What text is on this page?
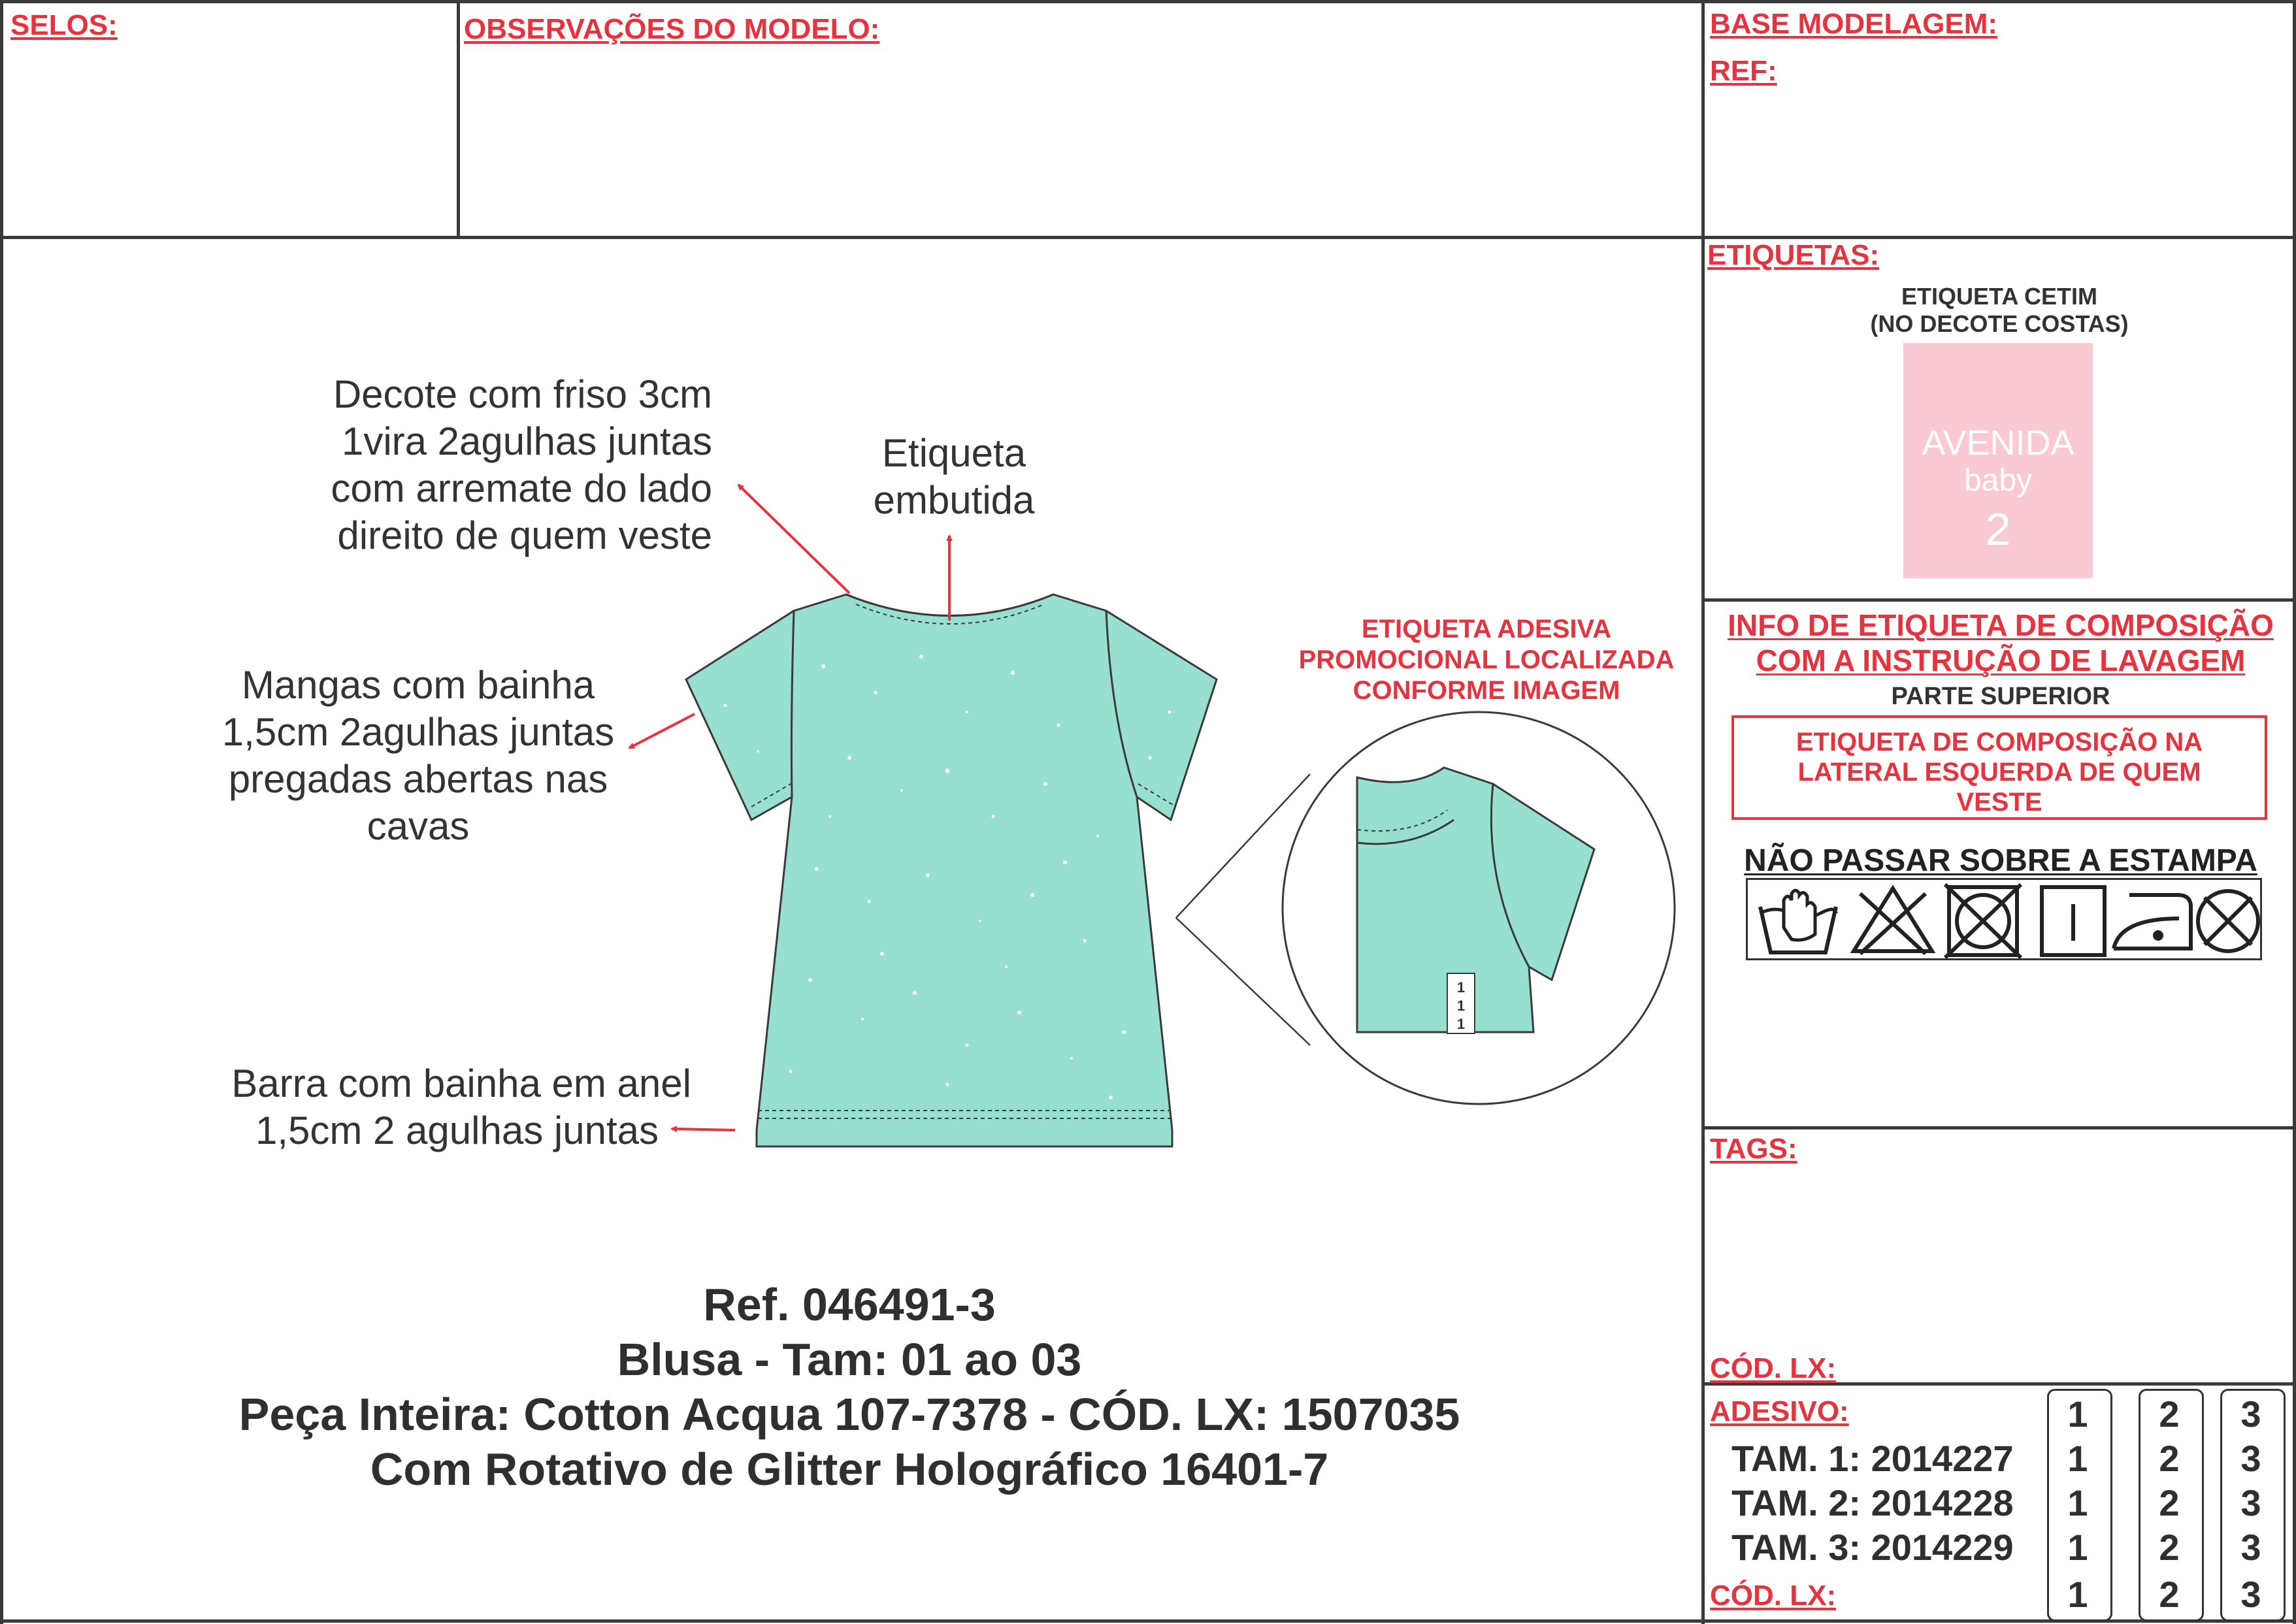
SELOS:	OBSERVAÇÕES DO MODELO:	BASE MODELAGEM:
REF:
Decote com friso 3cm
1vira 2agulhas juntas
com arremate do lado
direito de quem veste
Etiqueta
embutida
Mangas com bainha
1,5cm 2agulhas juntas
pregadas abertas nas
cavas
Barra com bainha em anel
1,5cm 2 agulhas juntas
ETIQUETA ADESIVA
PROMOCIONAL LOCALIZADA
CONFORME IMAGEM
1
1
1
Ref. 046491-3
Blusa - Tam: 01 ao 03
Peça Inteira: Cotton Acqua 107-7378 - CÓD. LX: 1507035
Com Rotativo de Glitter Holográfico 16401-7
ETIQUETAS:
ETIQUETA CETIM
(NO DECOTE COSTAS)
AVENIDA
baby
2
INFO DE ETIQUETA DE COMPOSIÇÃO
COM A INSTRUÇÃO DE LAVAGEM
PARTE SUPERIOR
ETIQUETA DE COMPOSIÇÃO NA
LATERAL ESQUERDA DE QUEM
VESTE
NÃO PASSAR SOBRE A ESTAMPA
TAGS:
CÓD. LX:
ADESIVO:
TAM. 1: 2014227
TAM. 2: 2014228
TAM. 3: 2014229
CÓD. LX:
1
1
1
1
1
2
2
2
2
2
3
3
3
3
3
